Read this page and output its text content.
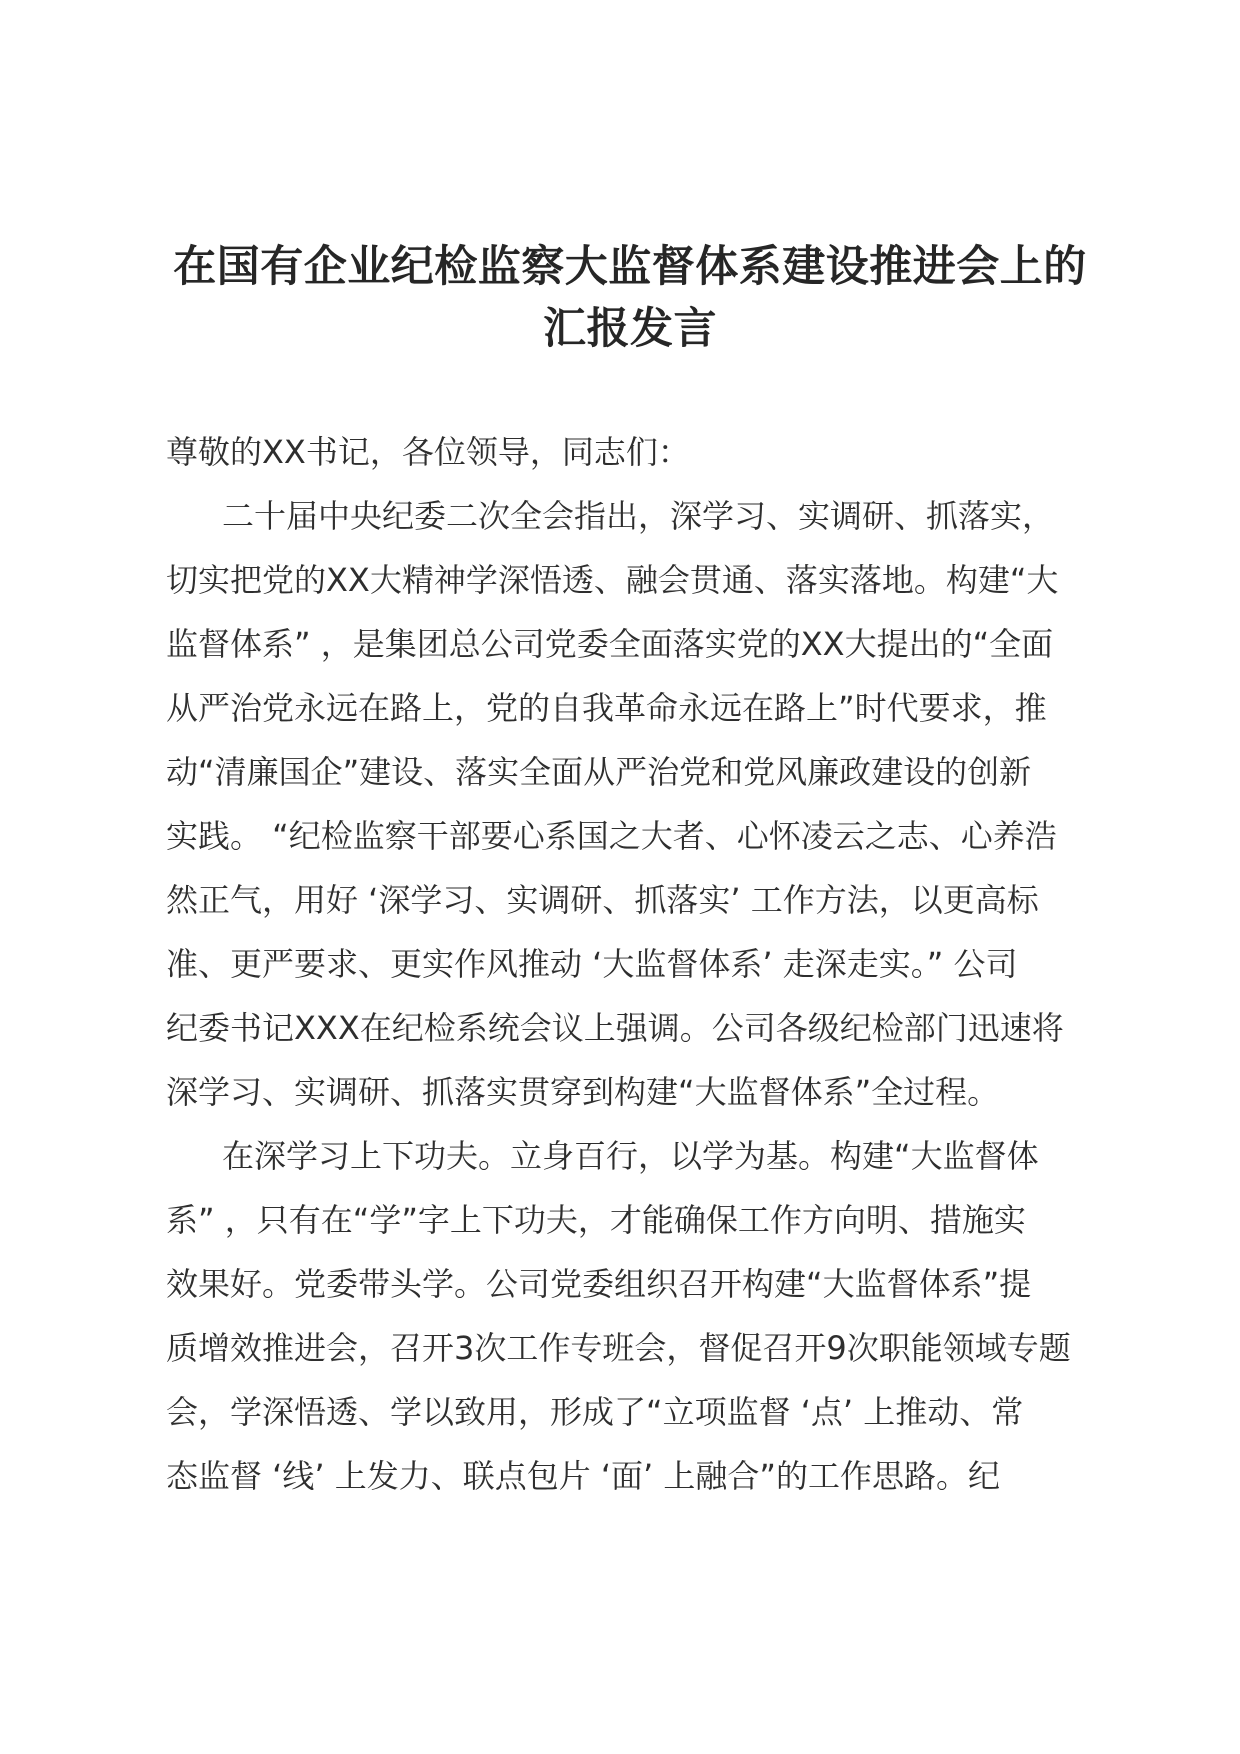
在国有企业纪检监察大监督体系建设推进会上的
汇报发言
尊敬的XX书记，各位领导，同志们：
二十届中央纪委二次全会指出，深学习、实调研、抓落实，
切实把党的XX大精神学深悟透、融会贯通、落实落地。构建“大
监督体系” ，是集团总公司党委全面落实党的XX大提出的“全面
从严治党永远在路上，党的自我革命永远在路上”时代要求，推
动“清廉国企”建设、落实全面从严治党和党风廉政建设的创新
实践。 “纪检监察干部要心系国之大者、心怀凌云之志、心养浩
然正气，用好 ‘深学习、实调研、抓落实’ 工作方法，以更高标
准、更严要求、更实作风推动 ‘大监督体系’ 走深走实。” 公司
纪委书记XXX在纪检系统会议上强调。公司各级纪检部门迅速将
深学习、实调研、抓落实贯穿到构建“大监督体系”全过程。
在深学习上下功夫。立身百行，以学为基。构建“大监督体
系” ，只有在“学”字上下功夫，才能确保工作方向明、措施实
效果好。党委带头学。公司党委组织召开构建“大监督体系”提
质增效推进会，召开3次工作专班会，督促召开9次职能领域专题
会，学深悟透、学以致用，形成了“立项监督 ‘点’ 上推动、常
态监督 ‘线’ 上发力、联点包片 ‘面’ 上融合”的工作思路。纪
